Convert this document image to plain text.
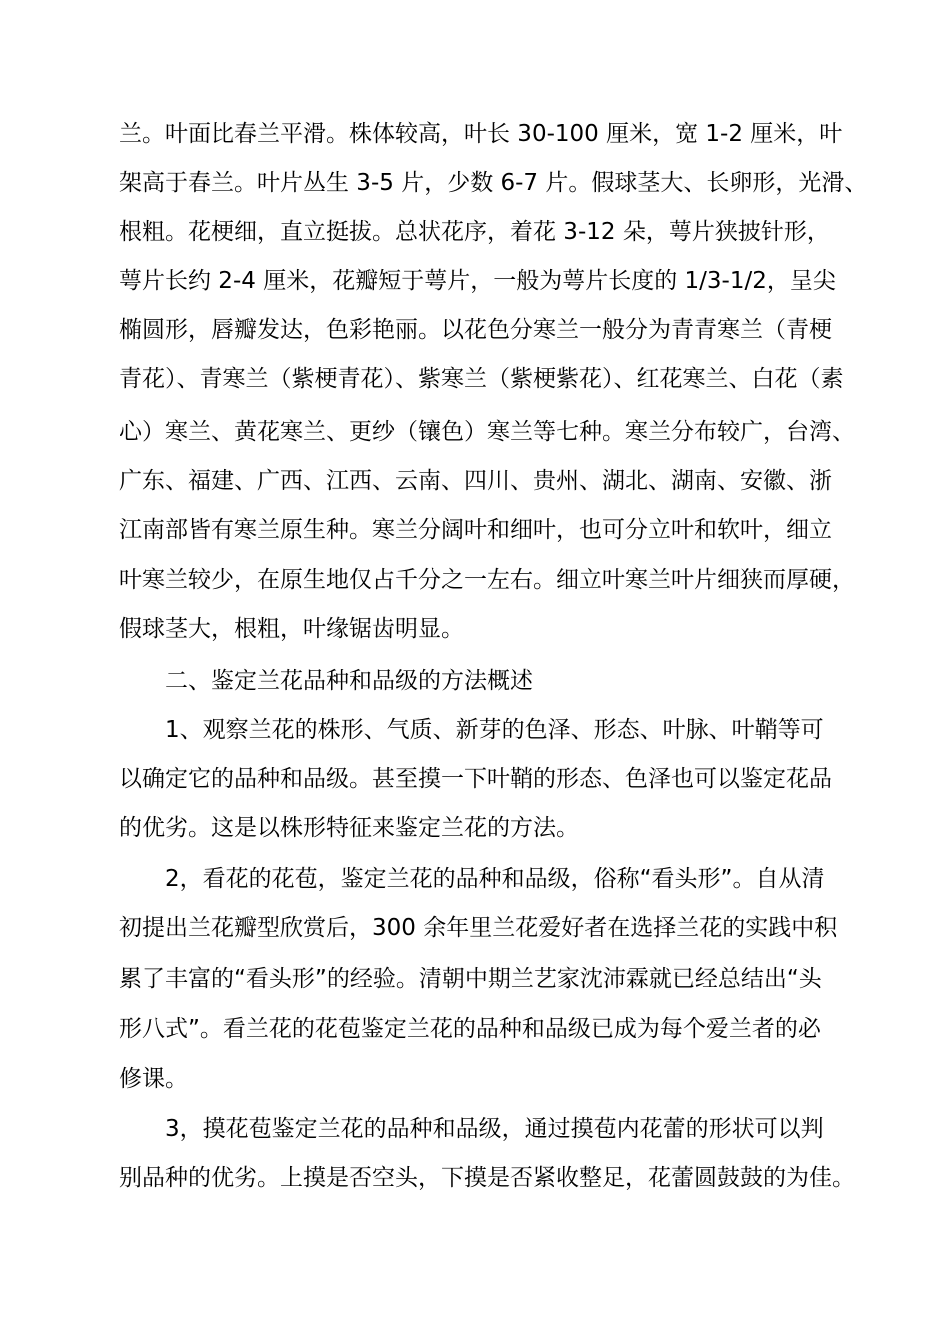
兰。叶面比春兰平滑。株体较高，叶长 30-100 厘米，宽 1-2 厘米，叶
架高于春兰。叶片丛生 3-5 片，少数 6-7 片。假球茎大、长卵形，光滑、
根粗。花梗细，直立挺拔。总状花序，着花 3-12 朵，萼片狭披针形，
萼片长约 2-4 厘米，花瓣短于萼片，一般为萼片长度的 1/3-1/2，呈尖
椭圆形，唇瓣发达，色彩艳丽。以花色分寒兰一般分为青青寒兰（青梗
青花）、青寒兰（紫梗青花）、紫寒兰（紫梗紫花）、红花寒兰、白花（素
心）寒兰、黄花寒兰、更纱（镶色）寒兰等七种。寒兰分布较广，台湾、
广东、福建、广西、江西、云南、四川、贵州、湖北、湖南、安徽、浙
江南部皆有寒兰原生种。寒兰分阔叶和细叶，也可分立叶和软叶，细立
叶寒兰较少，在原生地仅占千分之一左右。细立叶寒兰叶片细狭而厚硬，
假球茎大，根粗，叶缘锯齿明显。
二、鉴定兰花品种和品级的方法概述
1、观察兰花的株形、气质、新芽的色泽、形态、叶脉、叶鞘等可
以确定它的品种和品级。甚至摸一下叶鞘的形态、色泽也可以鉴定花品
的优劣。这是以株形特征来鉴定兰花的方法。
2，看花的花苞，鉴定兰花的品种和品级，俗称“看头形”。自从清
初提出兰花瓣型欣赏后，300 余年里兰花爱好者在选择兰花的实践中积
累了丰富的“看头形”的经验。清朝中期兰艺家沈沛霖就已经总结出“头
形八式”。看兰花的花苞鉴定兰花的品种和品级已成为每个爱兰者的必
修课。
3，摸花苞鉴定兰花的品种和品级，通过摸苞内花蕾的形状可以判
别品种的优劣。上摸是否空头，下摸是否紧收整足，花蕾圆鼓鼓的为佳。
